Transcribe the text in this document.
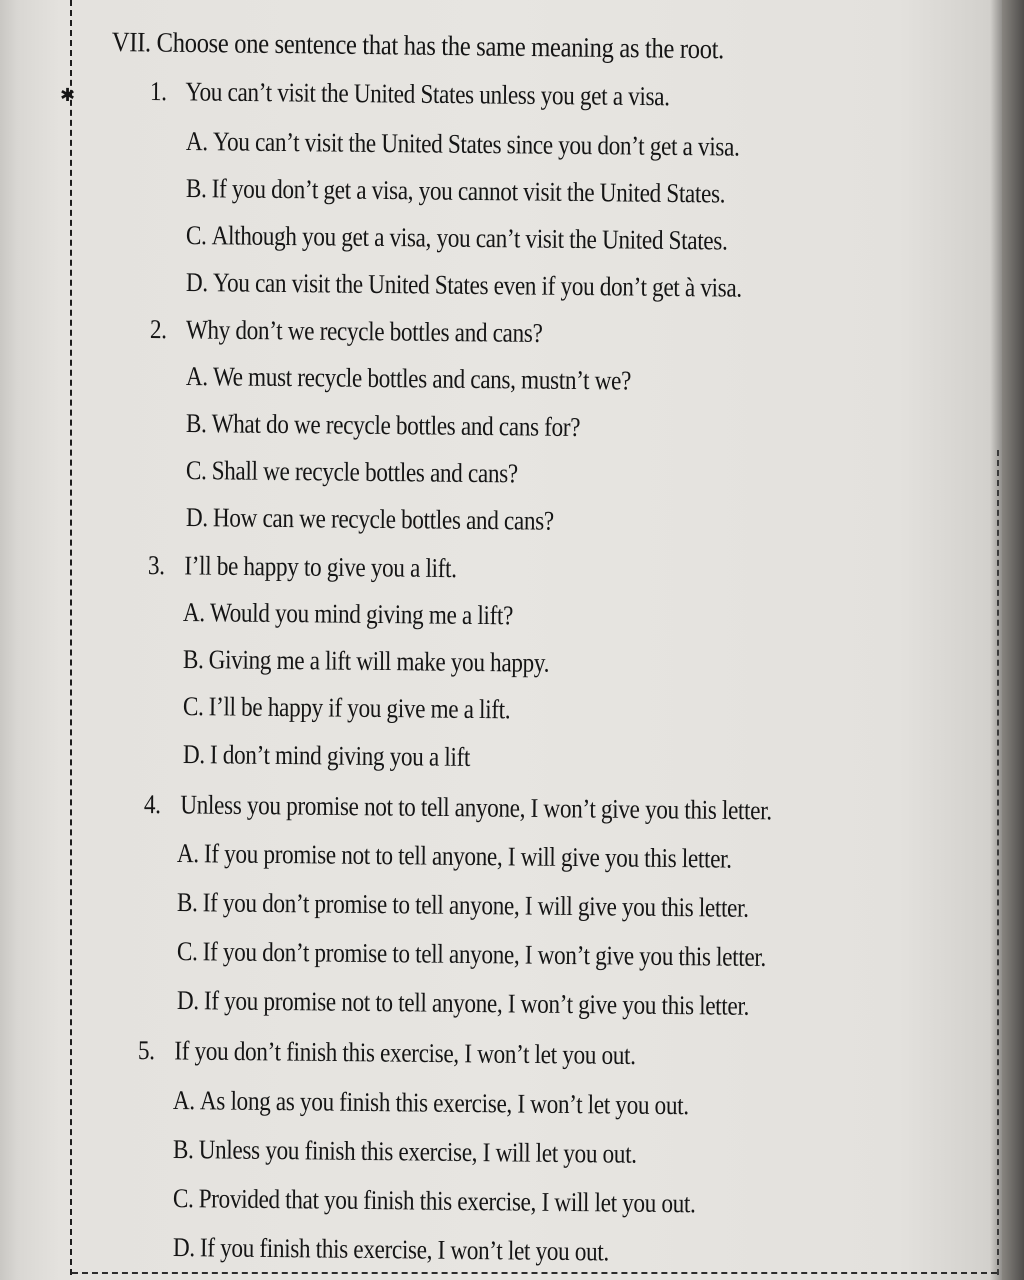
✱
VII. Choose one sentence that has the same meaning as the root.
1. You can’t visit the United States unless you get a visa.
A. You can’t visit the United States since you don’t get a visa.
B. If you don’t get a visa, you cannot visit the United States.
C. Although you get a visa, you can’t visit the United States.
D. You can visit the United States even if you don’t get à visa.
2. Why don’t we recycle bottles and cans?
A. We must recycle bottles and cans, mustn’t we?
B. What do we recycle bottles and cans for?
C. Shall we recycle bottles and cans?
D. How can we recycle bottles and cans?
3. I’ll be happy to give you a lift.
A. Would you mind giving me a lift?
B. Giving me a lift will make you happy.
C. I’ll be happy if you give me a lift.
D. I don’t mind giving you a lift
4. Unless you promise not to tell anyone, I won’t give you this letter.
A. If you promise not to tell anyone, I will give you this letter.
B. If you don’t promise to tell anyone, I will give you this letter.
C. If you don’t promise to tell anyone, I won’t give you this letter.
D. If you promise not to tell anyone, I won’t give you this letter.
5. If you don’t finish this exercise, I won’t let you out.
A. As long as you finish this exercise, I won’t let you out.
B. Unless you finish this exercise, I will let you out.
C. Provided that you finish this exercise, I will let you out.
D. If you finish this exercise, I won’t let you out.
